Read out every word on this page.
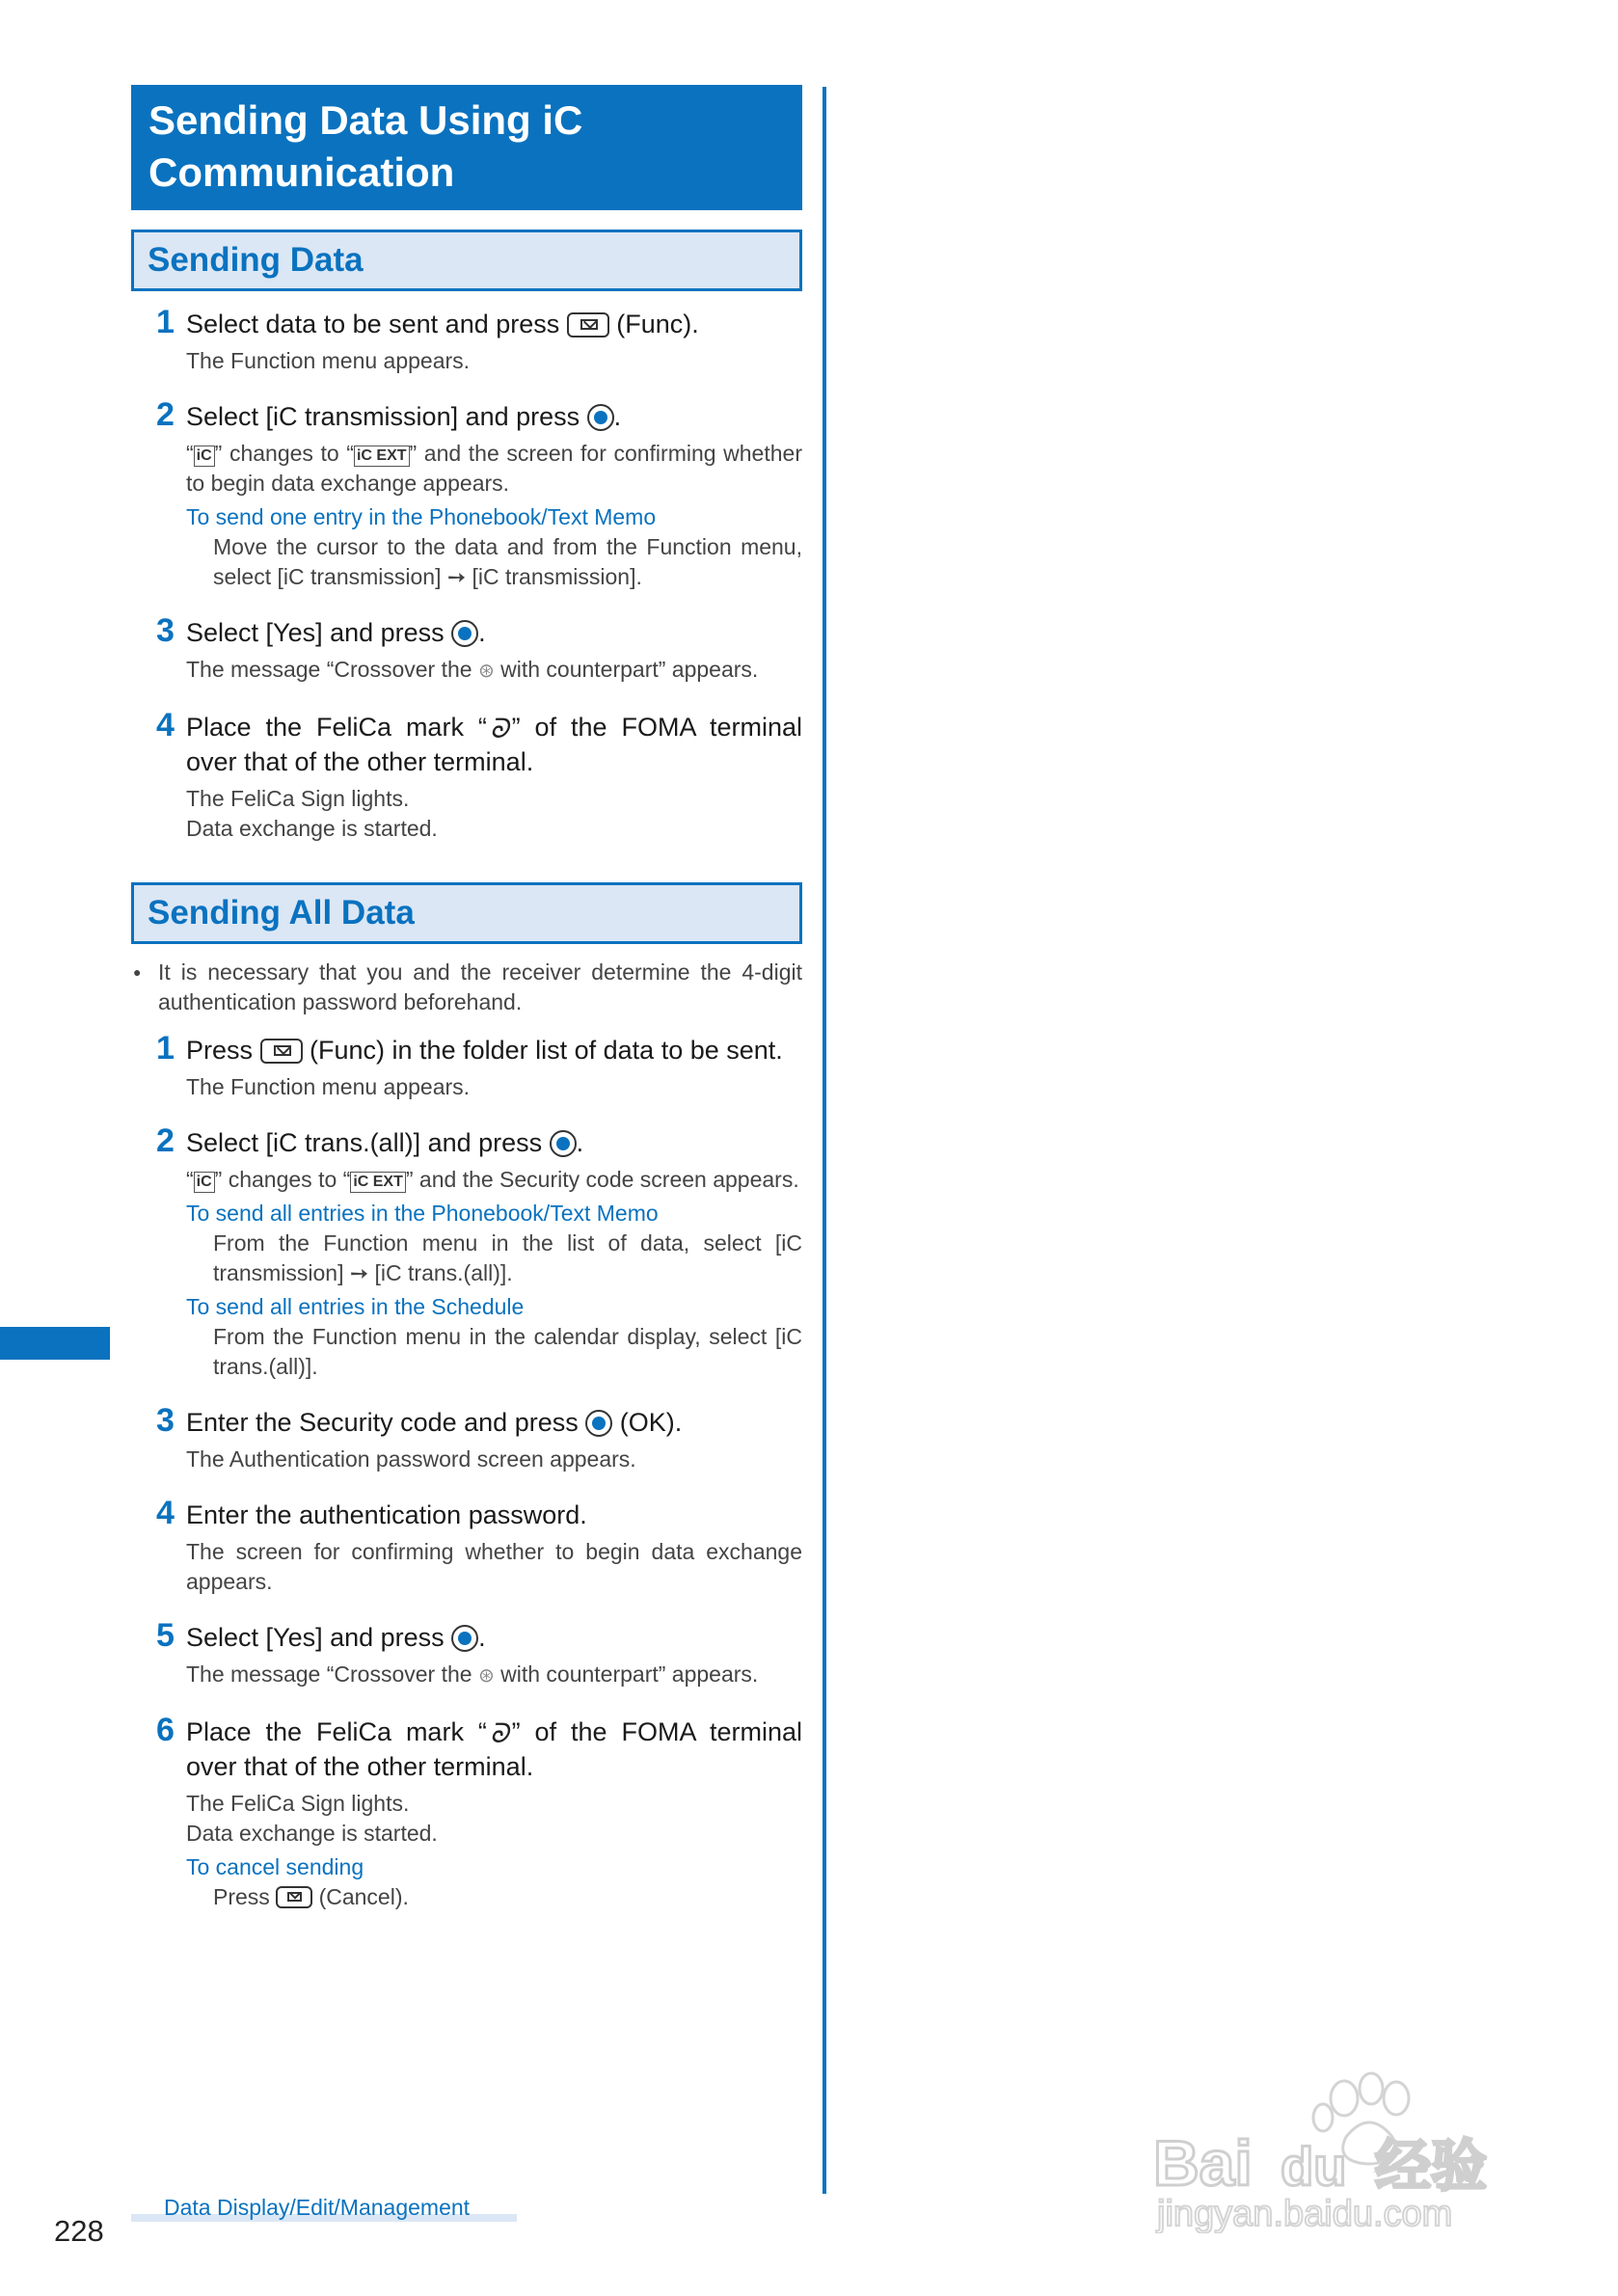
Sending Data Using iC Communication
Sending Data
1 Select data to be sent and press
(Func).
The Function menu appears.
2 Select [iC transmission] and press .
“ iC ” changes to “ iC EXT ” and the screen for confirming whether to begin data exchange appears.
To send one entry in the Phonebook/Text Memo
Move the cursor to the data and from the Function menu, select [iC transmission] ➙ [iC transmission].
3 Select [Yes] and press .
The message “Crossover the ⊛ with counterpart” appears.
4 Place the FeliCa mark “ ᘐ ” of the FOMA terminal over that of the other terminal.
The FeliCa Sign lights.
Data exchange is started.
Sending All Data
● It is necessary that you and the receiver determine the 4-digit authentication password beforehand.
1 Press
(Func) in the folder list of data to be sent.
The Function menu appears.
2 Select [iC trans.(all)] and press .
“ iC ” changes to “ iC EXT ” and the Security code screen appears.
To send all entries in the Phonebook/Text Memo
From the Function menu in the list of data, select [iC transmission] ➙ [iC trans.(all)].
To send all entries in the Schedule
From the Function menu in the calendar display, select [iC trans.(all)].
3 Enter the Security code and press  (OK).
The Authentication password screen appears.
4 Enter the authentication password.
The screen for confirming whether to begin data exchange appears.
5 Select [Yes] and press .
The message “Crossover the ⊛ with counterpart” appears.
6 Place the FeliCa mark “ ᘐ ” of the FOMA terminal over that of the other terminal.
The FeliCa Sign lights.
Data exchange is started.
To cancel sending
Press
(Cancel).
Data Display/Edit/Management
228
Bai du 经验
jingyan.baidu.com
